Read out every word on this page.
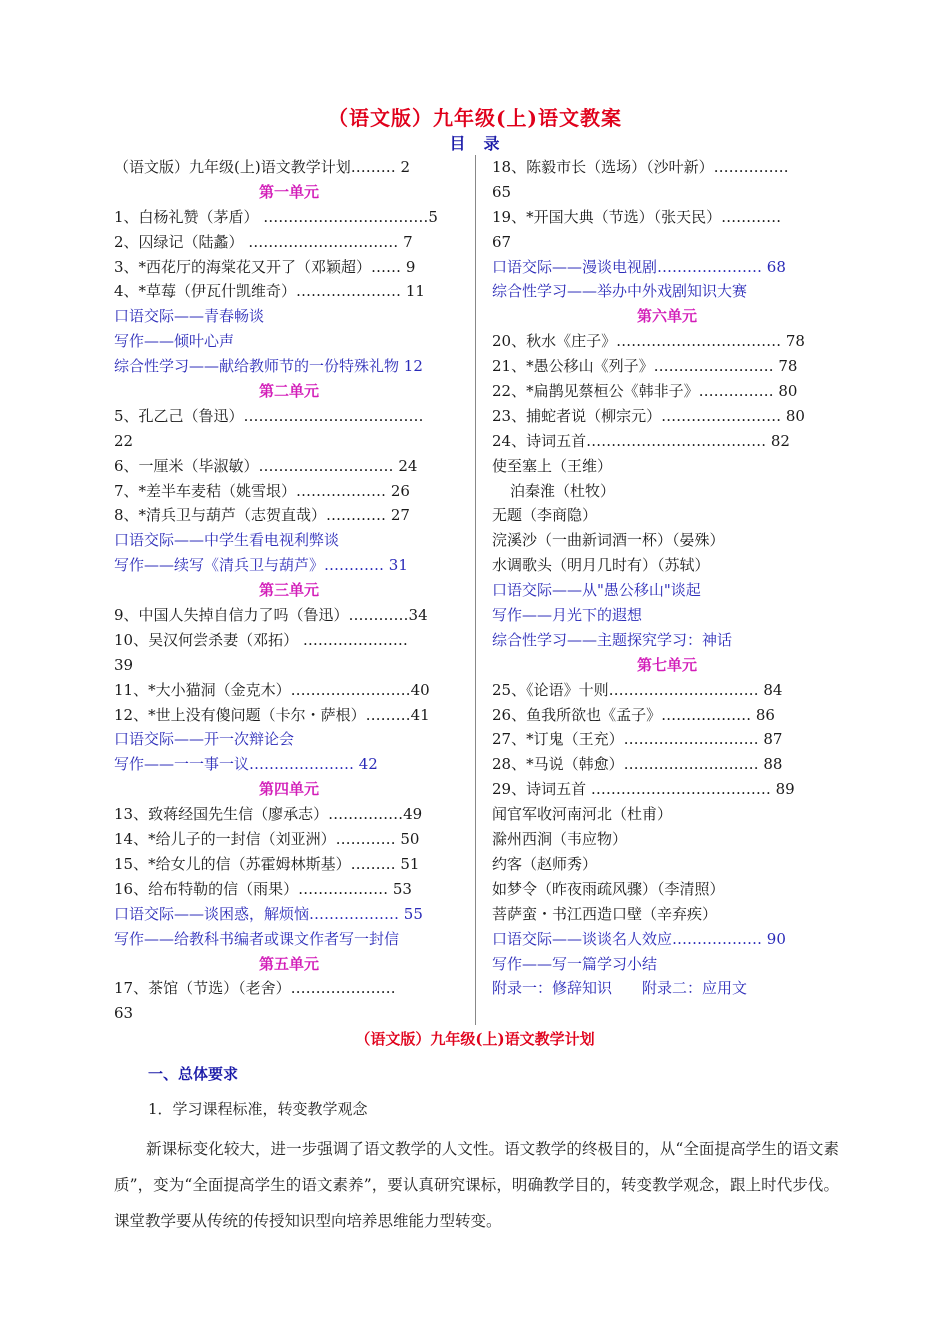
（语文版）九年级(上)语文教案
目　录
（语文版）九年级(上)语文教学计划……… 2
第一单元
1、白杨礼赞（茅盾） ……………………………5
2、囚绿记（陆蠡） ………………………… 7
3、*西花厅的海棠花又开了（邓颖超）…… 9
4、*草莓（伊瓦什凯维奇）………………… 11
口语交际——青春畅谈
写作——倾叶心声
综合性学习——献给教师节的一份特殊礼物 12
第二单元
5、孔乙己（鲁迅）………………………………
22
6、一厘米（毕淑敏）……………………… 24
7、*差半车麦秸（姚雪垠）……………… 26
8、*清兵卫与葫芦（志贺直哉）………… 27
口语交际——中学生看电视利弊谈
写作——续写《清兵卫与葫芦》………… 31
第三单元
9、中国人失掉自信力了吗（鲁迅）…………34
10、吴汉何尝杀妻（邓拓） …………………
39
11、*大小猫洞（金克木）……………………40
12、*世上没有傻问题（卡尔・萨根）………41
口语交际——开一次辩论会
写作——一一事一议………………… 42
第四单元
13、致蒋经国先生信（廖承志）……………49
14、*给儿子的一封信（刘亚洲）………… 50
15、*给女儿的信（苏霍姆林斯基）……… 51
16、给布特勒的信（雨果）……………… 53
口语交际——谈困惑，解烦恼……………… 55
写作——给教科书编者或课文作者写一封信
第五单元
17、茶馆（节选）（老舍）…………………
63
18、陈毅市长（选场）（沙叶新）……………
65
19、*开国大典（节选）（张天民）…………
67
口语交际——漫谈电视剧………………… 68
综合性学习——举办中外戏剧知识大赛
第六单元
20、秋水《庄子》…………………………… 78
21、*愚公移山《列子》…………………… 78
22、*扁鹊见蔡桓公《韩非子》…………… 80
23、捕蛇者说（柳宗元）…………………… 80
24、诗词五首……………………………… 82
使至塞上（王维）
泊秦淮（杜牧）
无题（李商隐）
浣溪沙（一曲新词酒一杯）（晏殊）
水调歌头（明月几时有）（苏轼）
口语交际——从"愚公移山"谈起
写作——月光下的遐想
综合性学习——主题探究学习：神话
第七单元
25、《论语》十则………………………… 84
26、鱼我所欲也《孟子》……………… 86
27、*订鬼（王充）……………………… 87
28、*马说（韩愈）……………………… 88
29、诗词五首 ……………………………… 89
闻官军收河南河北（杜甫）
滁州西涧（韦应物）
约客（赵师秀）
如梦令（昨夜雨疏风骤）（李清照）
菩萨蛮・书江西造口壁（辛弃疾）
口语交际——谈谈名人效应……………… 90
写作——写一篇学习小结
附录一：修辞知识　　附录二：应用文
（语文版）九年级(上)语文教学计划
一、总体要求
1．学习课程标准，转变教学观念
新课标变化较大，进一步强调了语文教学的人文性。语文教学的终极目的，从“全面提高学生的语文素质”，变为“全面提高学生的语文素养”，要认真研究课标，明确教学目的，转变教学观念，跟上时代步伐。课堂教学要从传统的传授知识型向培养思维能力型转变。
